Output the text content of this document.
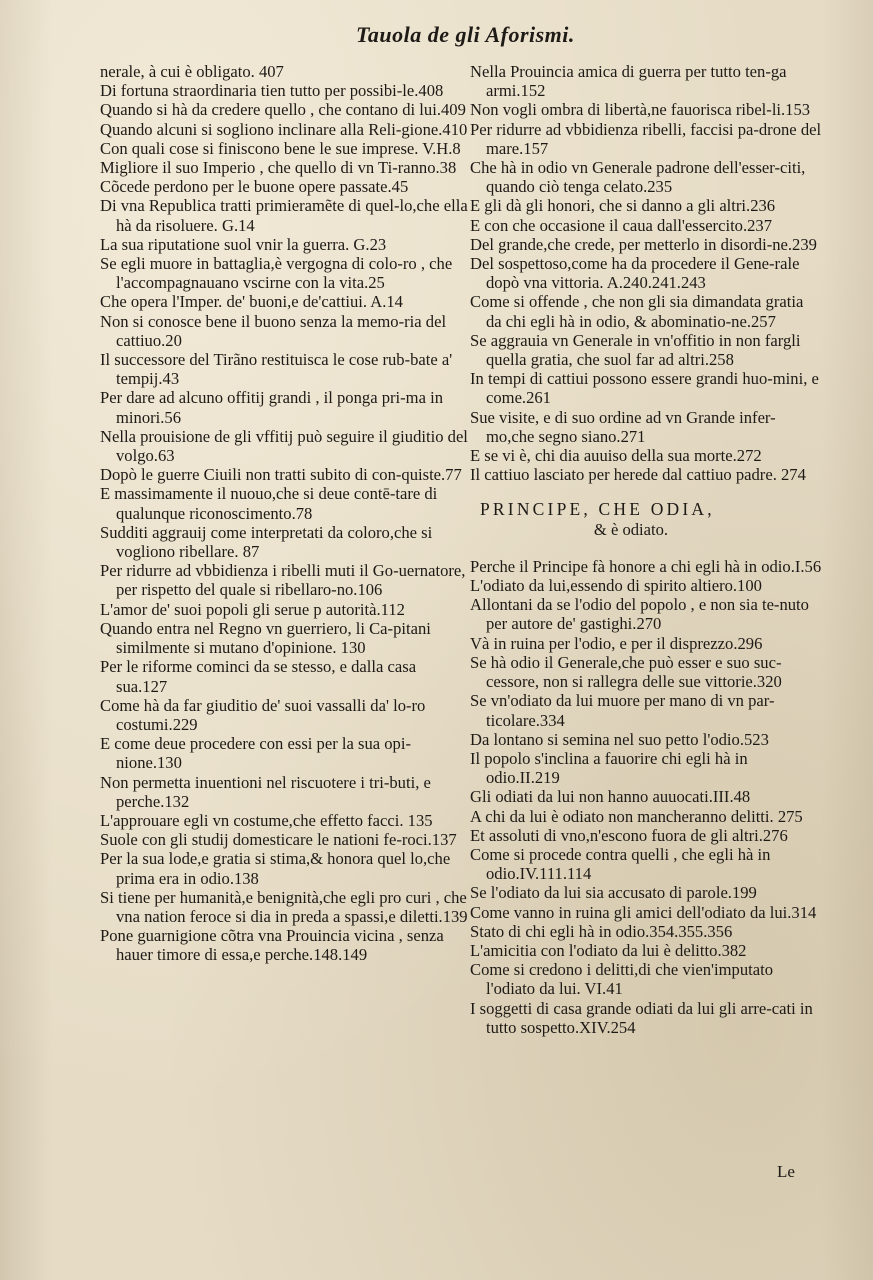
Tauola de gli Aforismi.

nerale, à cui è obligato. 407

Di fortuna straordinaria tien tutto per possibi-le.408

Quando si hà da credere quello , che contano di lui.409

Quando alcuni si sogliono inclinare alla Reli-gione.410

Con quali cose si finiscono bene le sue imprese. V.H.8

Migliore il suo Imperio , che quello di vn Ti-ranno.38

Cõcede perdono per le buone opere passate.45

Di vna Republica tratti primieramẽte di quel-lo,che ella hà da risoluere. G.14

La sua riputatione suol vnir la guerra. G.23

Se egli muore in battaglia,è vergogna di colo-ro , che l'accompagnauano vscirne con la vita.25

Che opera l'Imper. de' buoni,e de'cattiui. A.14

Non si conosce bene il buono senza la memo-ria del cattiuo.20

Il successore del Tirãno restituisca le cose rub-bate a' tempij.43

Per dare ad alcuno offitij grandi , il ponga pri-ma in minori.56

Nella prouisione de gli vffitij può seguire il giuditio del volgo.63

Dopò le guerre Ciuili non tratti subito di con-quiste.77

E massimamente il nuouo,che si deue contē-tare di qualunque riconoscimento.78

Sudditi aggrauij come interpretati da coloro,che si vogliono ribellare. 87

Per ridurre ad vbbidienza i ribelli muti il Go-uernatore, per rispetto del quale si ribellaro-no.106

L'amor de' suoi popoli gli serue p autorità.112

Quando entra nel Regno vn guerriero, li Ca-pitani similmente si mutano d'opinione. 130

Per le riforme cominci da se stesso, e dalla casa sua.127

Come hà da far giuditio de' suoi vassalli da' lo-ro costumi.229

E come deue procedere con essi per la sua opi-nione.130

Non permetta inuentioni nel riscuotere i tri-buti, e perche.132

L'approuare egli vn costume,che effetto facci. 135

Suole con gli studij domesticare le nationi fe-roci.137

Per la sua lode,e gratia si stima,& honora quel lo,che prima era in odio.138

Si tiene per humanità,e benignità,che egli pro curi , che vna nation feroce si dia in preda a spassi,e diletti.139

Pone guarnigione cõtra vna Prouincia vicina , senza hauer timore di essa,e perche.148.149

Nella Prouincia amica di guerra per tutto ten-ga armi.152

Non vogli ombra di libertà,ne fauorisca ribel-li.153

Per ridurre ad vbbidienza ribelli, faccisi pa-drone del mare.157

Che hà in odio vn Generale padrone dell'esser-citi, quando ciò tenga celato.235

E gli dà gli honori, che si danno a gli altri.236

E con che occasione il caua dall'essercito.237

Del grande,che crede, per metterlo in disordi-ne.239

Del sospettoso,come ha da procedere il Gene-rale dopò vna vittoria. A.240.241.243

Come si offende , che non gli sia dimandata gratia da chi egli hà in odio, & abominatio-ne.257

Se aggrauia vn Generale in vn'offitio in non fargli quella gratia, che suol far ad altri.258

In tempi di cattiui possono essere grandi huo-mini, e come.261

Sue visite, e di suo ordine ad vn Grande infer-mo,che segno siano.271

E se vi è, chi dia auuiso della sua morte.272

Il cattiuo lasciato per herede dal cattiuo padre. 274

PRINCIPE, CHE ODIA,
& è odiato.

Perche il Principe fà honore a chi egli hà in odio.I.56

L'odiato da lui,essendo di spirito altiero.100

Allontani da se l'odio del popolo , e non sia te-nuto per autore de' gastighi.270

Và in ruina per l'odio, e per il disprezzo.296

Se hà odio il Generale,che può esser e suo suc-cessore, non si rallegra delle sue vittorie.320

Se vn'odiato da lui muore per mano di vn par-ticolare.334

Da lontano si semina nel suo petto l'odio.523

Il popolo s'inclina a fauorire chi egli hà in odio.II.219

Gli odiati da lui non hanno auuocati.III.48

A chi da lui è odiato non mancheranno delitti. 275

Et assoluti di vno,n'escono fuora de gli altri.276

Come si procede contra quelli , che egli hà in odio.IV.111.114

Se l'odiato da lui sia accusato di parole.199

Come vanno in ruina gli amici dell'odiato da lui.314

Stato di chi egli hà in odio.354.355.356

L'amicitia con l'odiato da lui è delitto.382

Come si credono i delitti,di che vien'imputato l'odiato da lui. VI.41

I soggetti di casa grande odiati da lui gli arre-cati in tutto sospetto.XIV.254

Le
